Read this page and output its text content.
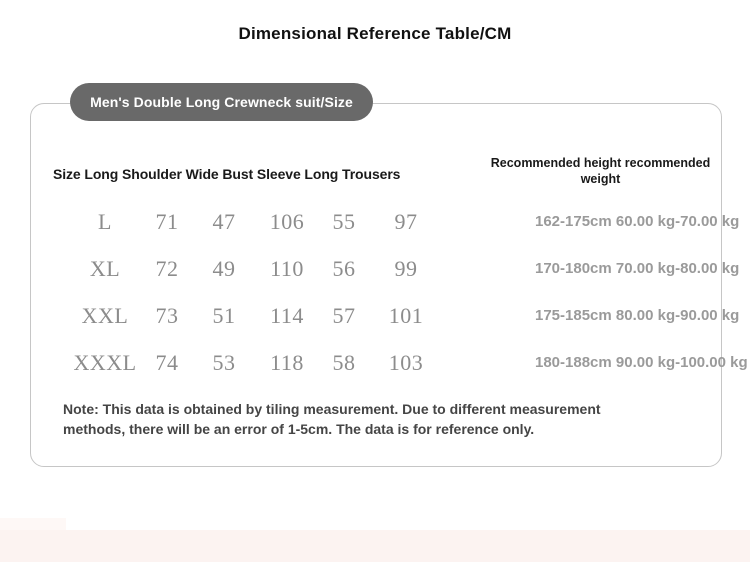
Dimensional Reference Table/CM
Men's Double Long Crewneck suit/Size
Size Long Shoulder Wide Bust Sleeve Long Trousers
Recommended height recommended
weight
L	71	47	106	55	97	162-175cm 60.00 kg-70.00 kg
XL	72	49	110	56	99	170-180cm 70.00 kg-80.00 kg
XXL	73	51	114	57	101	175-185cm 80.00 kg-90.00 kg
XXXL 74	53	118	58	103	180-188cm 90.00 kg-100.00 kg
Note: This data is obtained by tiling measurement. Due to different measurement
methods, there will be an error of 1-5cm. The data is for reference only.
